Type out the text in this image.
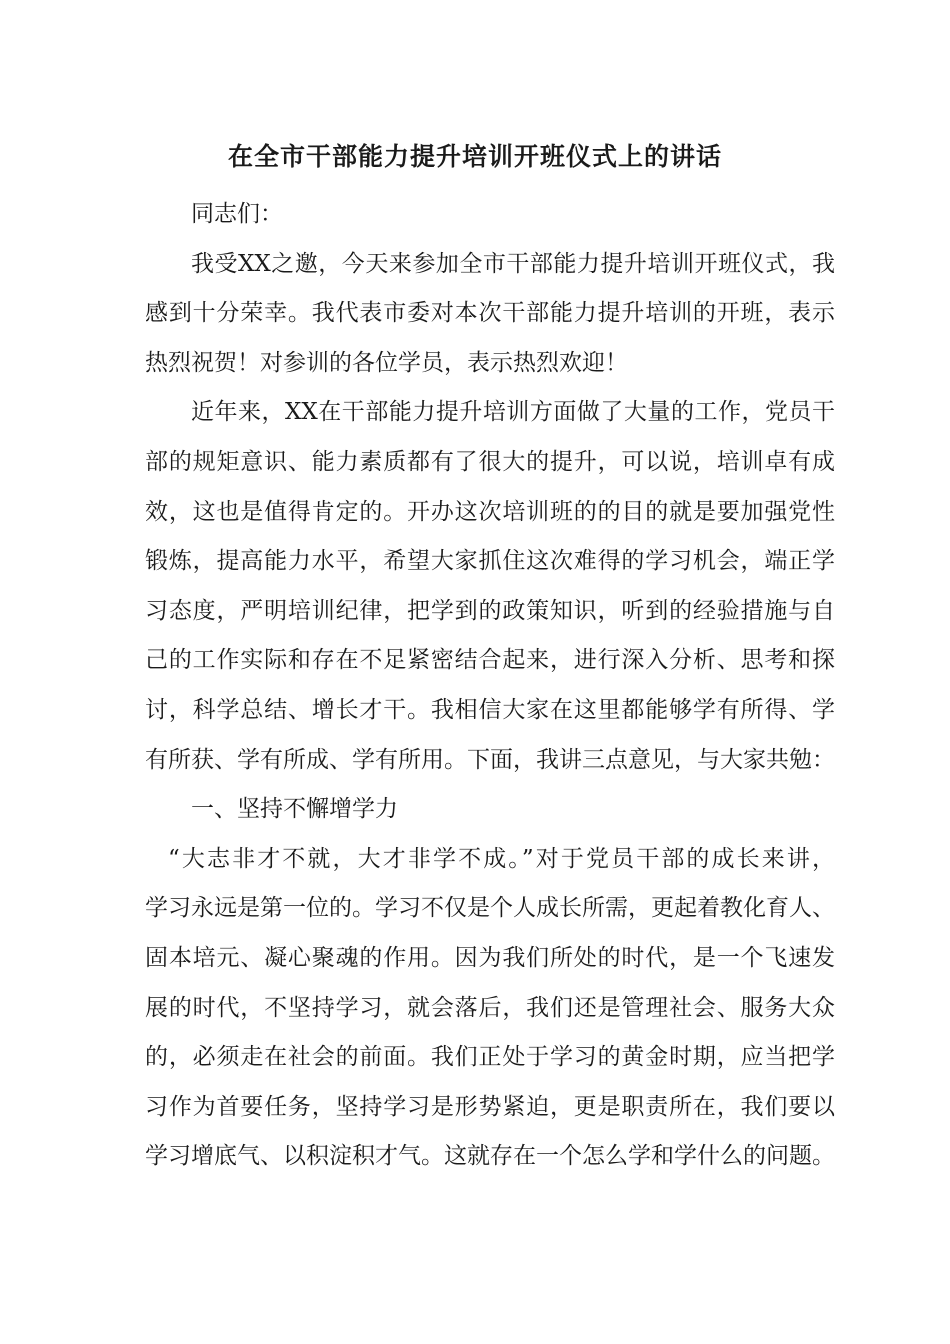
在全市干部能力提升培训开班仪式上的讲话
同志们：
我受XX之邀，今天来参加全市干部能力提升培训开班仪式，我
感到十分荣幸。我代表市委对本次干部能力提升培训的开班，表示
热烈祝贺！对参训的各位学员，表示热烈欢迎！
近年来，XX在干部能力提升培训方面做了大量的工作，党员干
部的规矩意识、能力素质都有了很大的提升，可以说，培训卓有成
效，这也是值得肯定的。开办这次培训班的的目的就是要加强党性
锻炼，提高能力水平，希望大家抓住这次难得的学习机会，端正学
习态度，严明培训纪律，把学到的政策知识，听到的经验措施与自
己的工作实际和存在不足紧密结合起来，进行深入分析、思考和探
讨，科学总结、增长才干。我相信大家在这里都能够学有所得、学
有所获、学有所成、学有所用。下面，我讲三点意见，与大家共勉：
一、坚持不懈增学力
“大志非才不就，大才非学不成。”对于党员干部的成长来讲，
学习永远是第一位的。学习不仅是个人成长所需，更起着教化育人、
固本培元、凝心聚魂的作用。因为我们所处的时代，是一个飞速发
展的时代，不坚持学习，就会落后，我们还是管理社会、服务大众
的，必须走在社会的前面。我们正处于学习的黄金时期，应当把学
习作为首要任务，坚持学习是形势紧迫，更是职责所在，我们要以
学习增底气、以积淀积才气。这就存在一个怎么学和学什么的问题。
